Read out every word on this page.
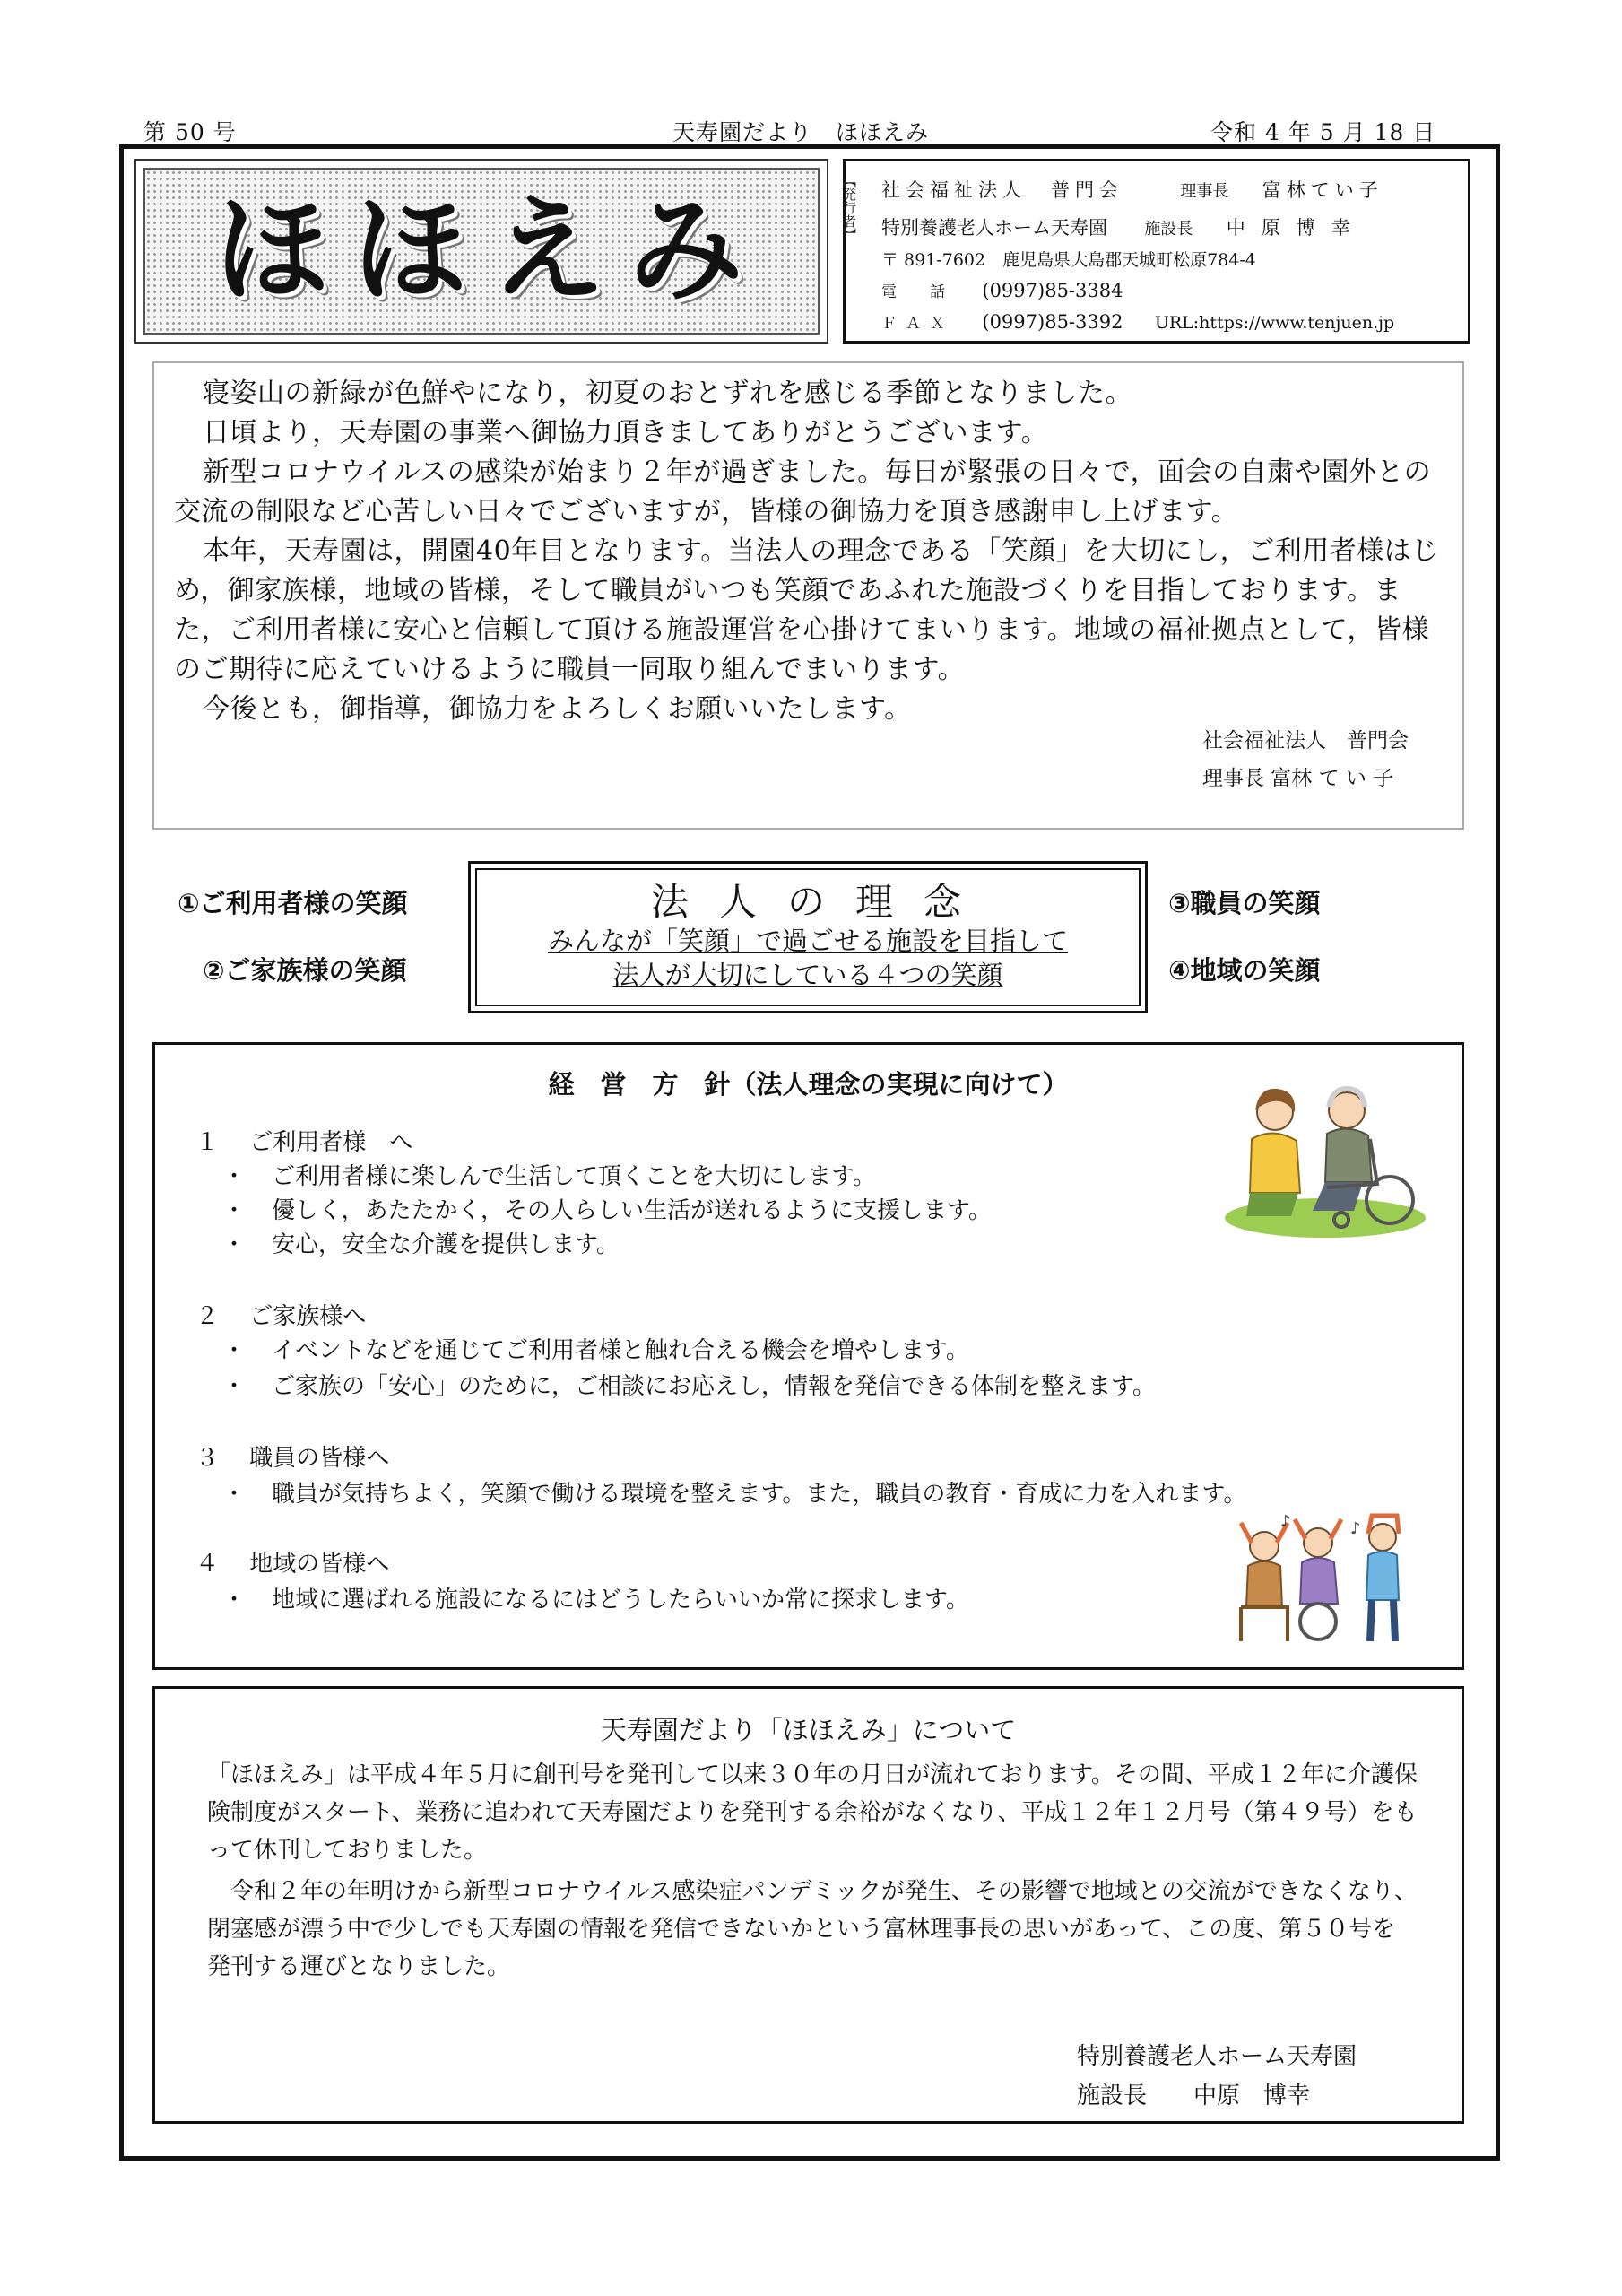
第 50 号	天寿園だより　ほほえみ	令和 4 年 5 月 18 日
ほほえみ	【発行者】 社会福祉法人　普門会	理事長 富林てい子
特別養護老人ホーム天寿園 施設長 中原博幸
〒 891-7602　鹿児島県大島郡天城町松原784-4
電　話 (0997)85-3384
ＦＡＸ (0997)85-3392 URL:https://www.tenjuen.jp

寝姿山の新緑が色鮮やになり，初夏のおとずれを感じる季節となりました。

日頃より，天寿園の事業へ御協力頂きましてありがとうございます。

新型コロナウイルスの感染が始まり２年が過ぎました。毎日が緊張の日々で，面会の自粛や園外との交流の制限など心苦しい日々でございますが，皆様の御協力を頂き感謝申し上げます。

本年，天寿園は，開園40年目となります。当法人の理念である「笑顔」を大切にし，ご利用者様はじめ，御家族様，地域の皆様，そして職員がいつも笑顔であふれた施設づくりを目指しております。また，ご利用者様に安心と信頼して頂ける施設運営を心掛けてまいります。地域の福祉拠点として，皆様のご期待に応えていけるように職員一同取り組んでまいります。

今後とも，御指導，御協力をよろしくお願いいたします。

社会福祉法人　普門会
理事長 富林 て い 子
①ご利用者様の笑顔
②ご家族様の笑顔
③職員の笑顔
④地域の笑顔
法人の理念
みんなが「笑顔」で過ごせる施設を目指して
法人が大切にしている４つの笑顔
経　営　方　針（法人理念の実現に向けて）
１　 ご利用者様　へ
・ ご利用者様に楽しんで生活して頂くことを大切にします。
・ 優しく，あたたかく，その人らしい生活が送れるように支援します。
・ 安心，安全な介護を提供します。
２　 ご家族様へ
・ イベントなどを通じてご利用者様と触れ合える機会を増やします。
・ ご家族の「安心」のために，ご相談にお応えし，情報を発信できる体制を整えます。
３　 職員の皆様へ
・ 職員が気持ちよく，笑顔で働ける環境を整えます。また，職員の教育・育成に力を入れます。
４　 地域の皆様へ
・ 地域に選ばれる施設になるにはどうしたらいいか常に探求します。
♪	♪
天寿園だより「ほほえみ」について

「ほほえみ」は平成４年５月に創刊号を発刊して以来３０年の月日が流れております。その間、平成１２年に介護保険制度がスタート、業務に追われて天寿園だよりを発刊する余裕がなくなり、平成１２年１２月号（第４９号）をもって休刊しておりました。

令和２年の年明けから新型コロナウイルス感染症パンデミックが発生、その影響で地域との交流ができなくなり、閉塞感が漂う中で少しでも天寿園の情報を発信できないかという富林理事長の思いがあって、この度、第５０号を発刊する運びとなりました。

特別養護老人ホーム天寿園
施設長　　中原　博幸
